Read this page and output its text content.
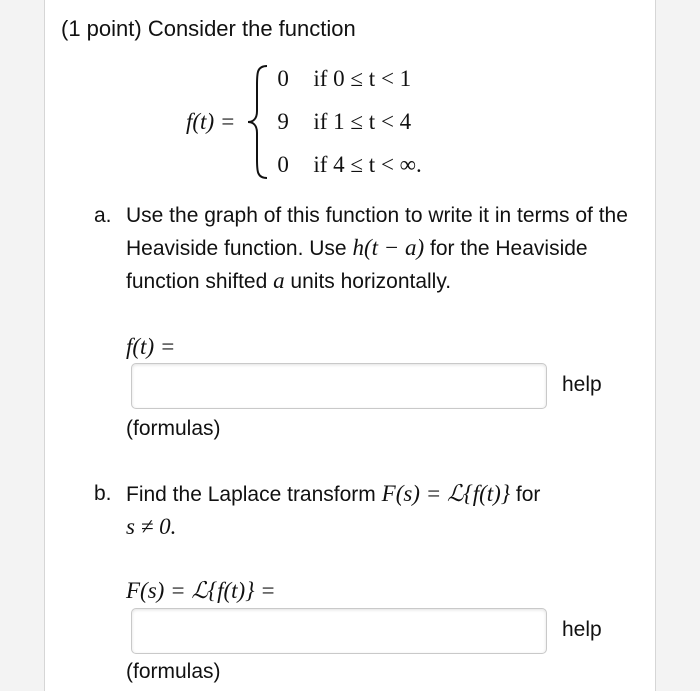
(1 point) Consider the function
f(t) =
0	if 0 ≤ t < 1
9	if 1 ≤ t < 4
0	if 4 ≤ t < ∞.
a. Use the graph of this function to write it in terms of the Heaviside function. Use h(t − a) for the Heaviside function shifted a units horizontally.
f(t) =
help
(formulas)
b. Find the Laplace transform F(s) = ℒ{f(t)} for
s ≠ 0.
F(s) = ℒ{f(t)} =
help
(formulas)
